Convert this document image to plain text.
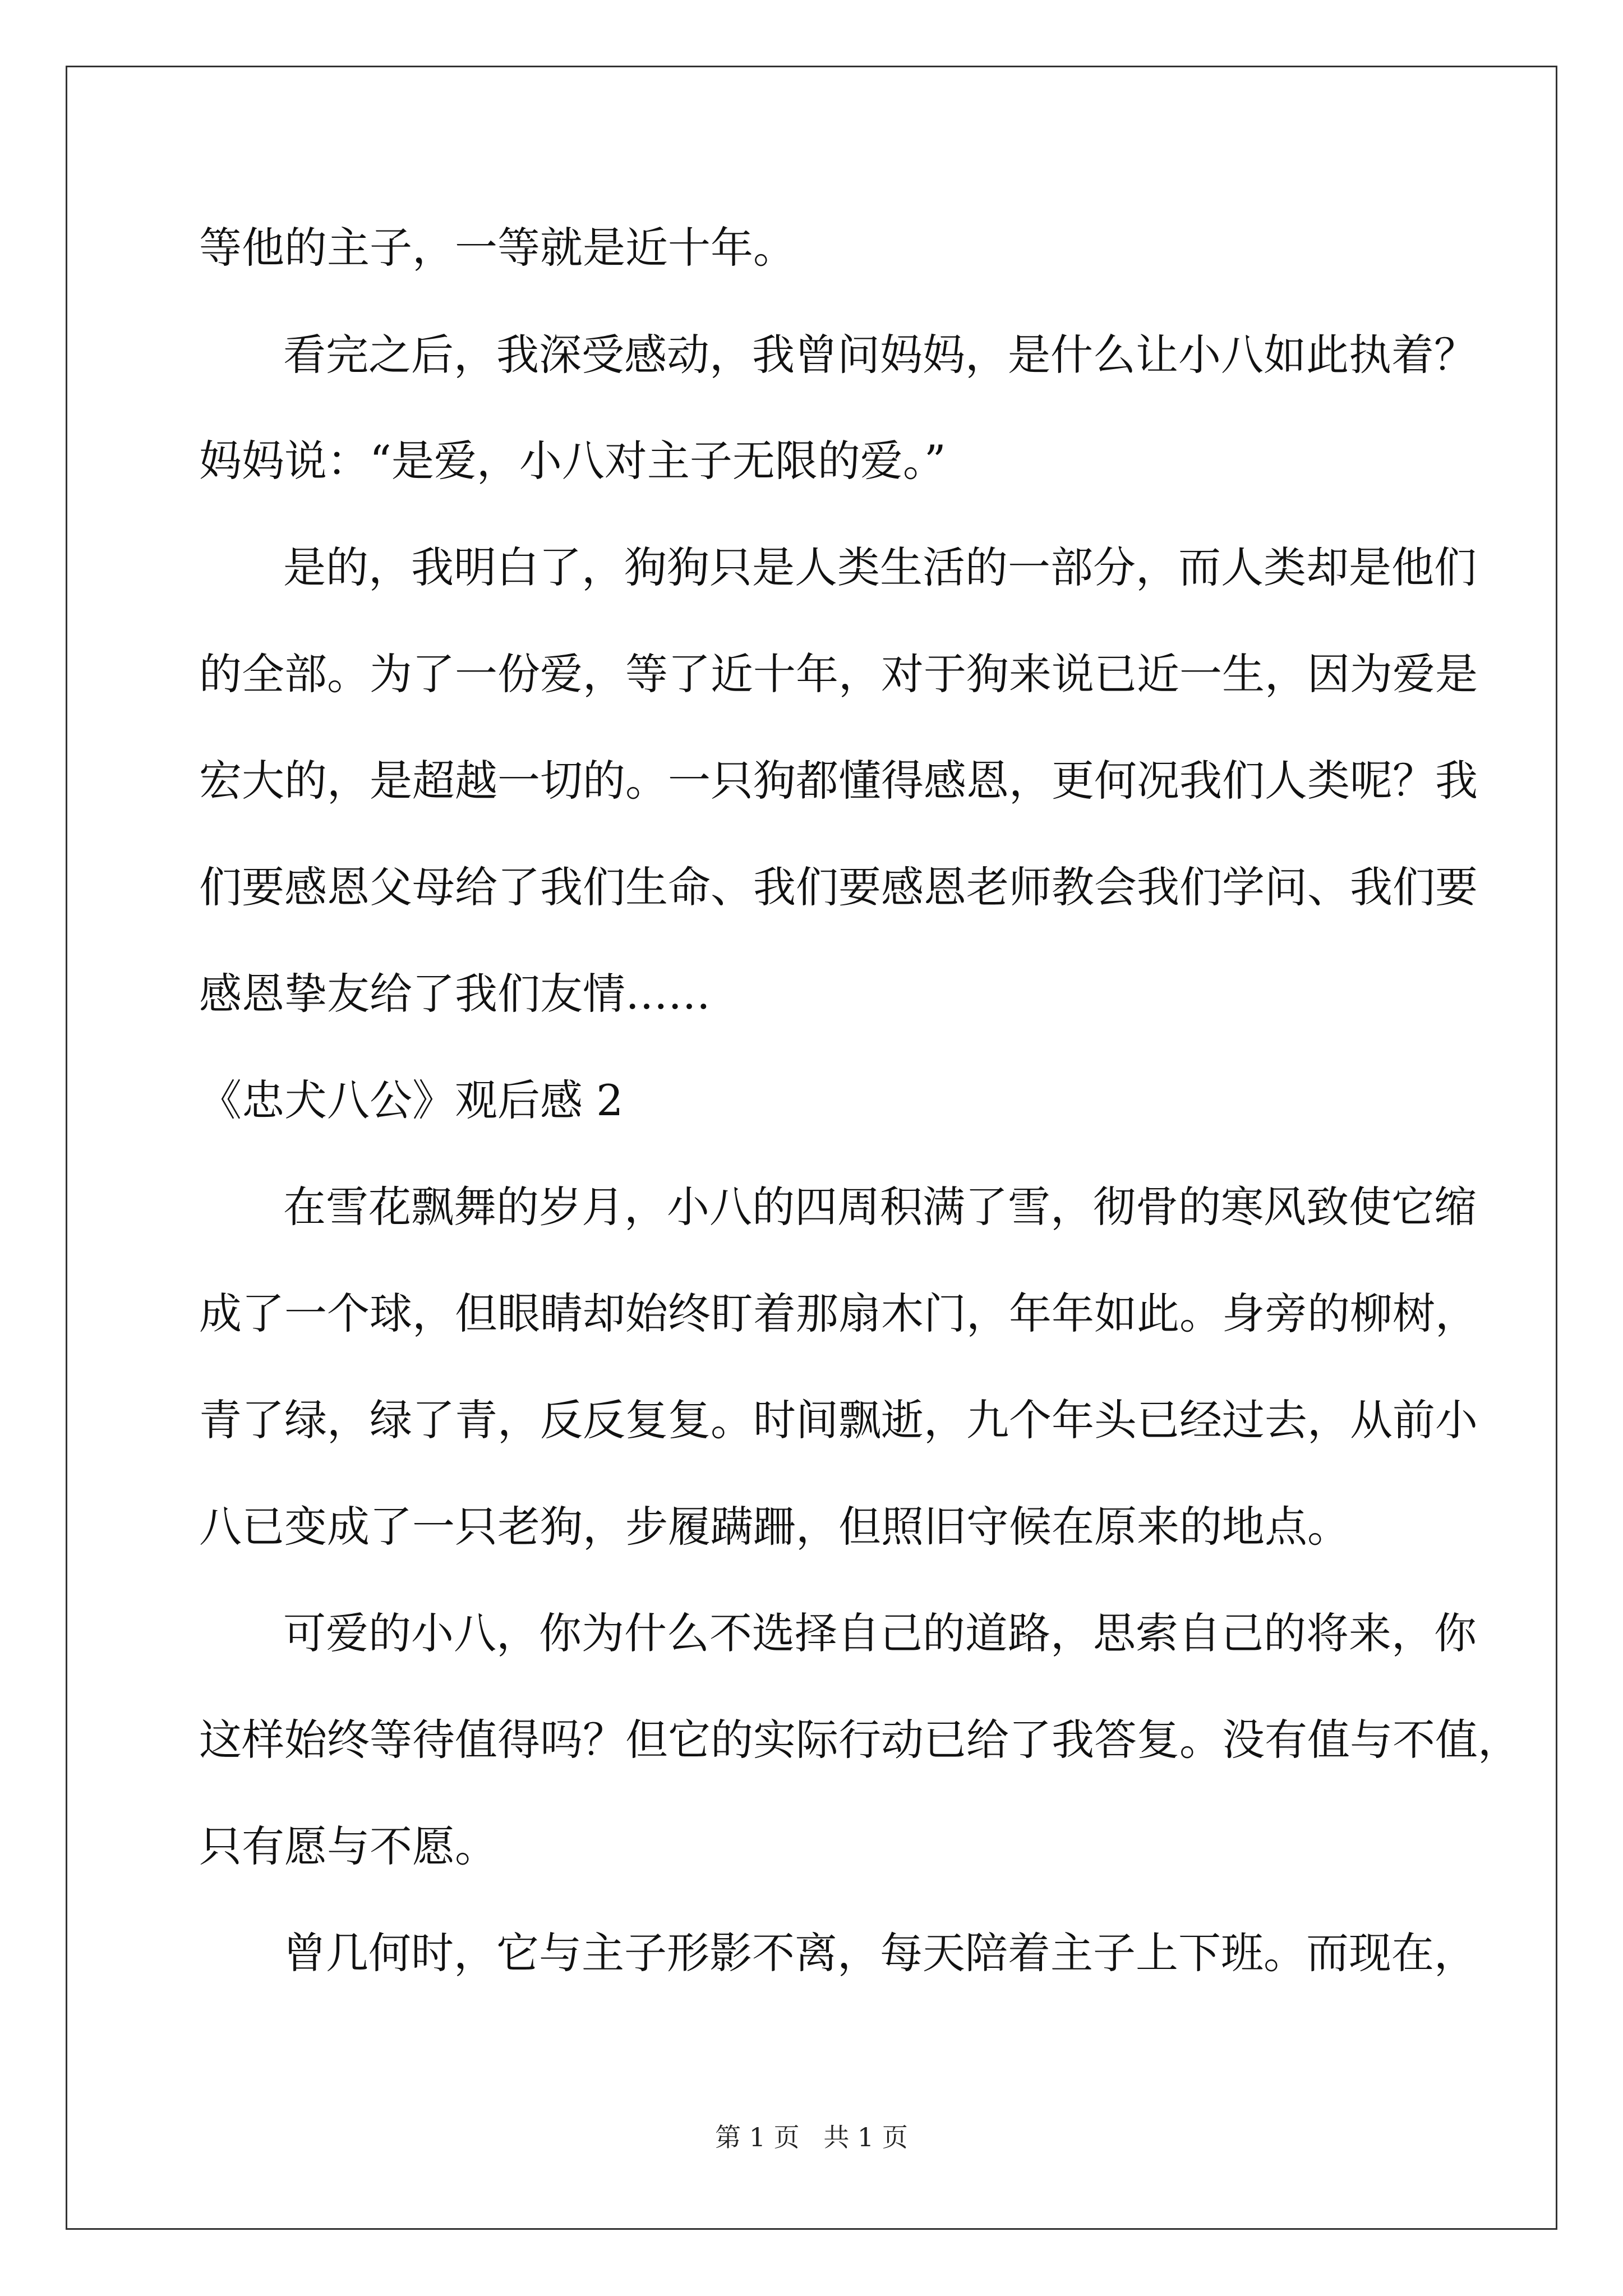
等他的主子，一等就是近十年。
看完之后，我深受感动，我曾问妈妈，是什么让小八如此执着？
妈妈说：“是爱，小八对主子无限的爱。”
是的，我明白了，狗狗只是人类生活的一部分，而人类却是他们
的全部。为了一份爱，等了近十年，对于狗来说已近一生，因为爱是
宏大的，是超越一切的。一只狗都懂得感恩，更何况我们人类呢？我
们要感恩父母给了我们生命、我们要感恩老师教会我们学问、我们要
感恩挚友给了我们友情……
《忠犬八公》观后感 2
在雪花飘舞的岁月，小八的四周积满了雪，彻骨的寒风致使它缩
成了一个球，但眼睛却始终盯着那扇木门，年年如此。身旁的柳树，
青了绿，绿了青，反反复复。时间飘逝，九个年头已经过去，从前小
八已变成了一只老狗，步履蹒跚，但照旧守候在原来的地点。
可爱的小八，你为什么不选择自己的道路，思索自己的将来，你
这样始终等待值得吗？但它的实际行动已给了我答复。没有值与不值，
只有愿与不愿。
曾几何时，它与主子形影不离，每天陪着主子上下班。而现在，
第 1 页 共 1 页
